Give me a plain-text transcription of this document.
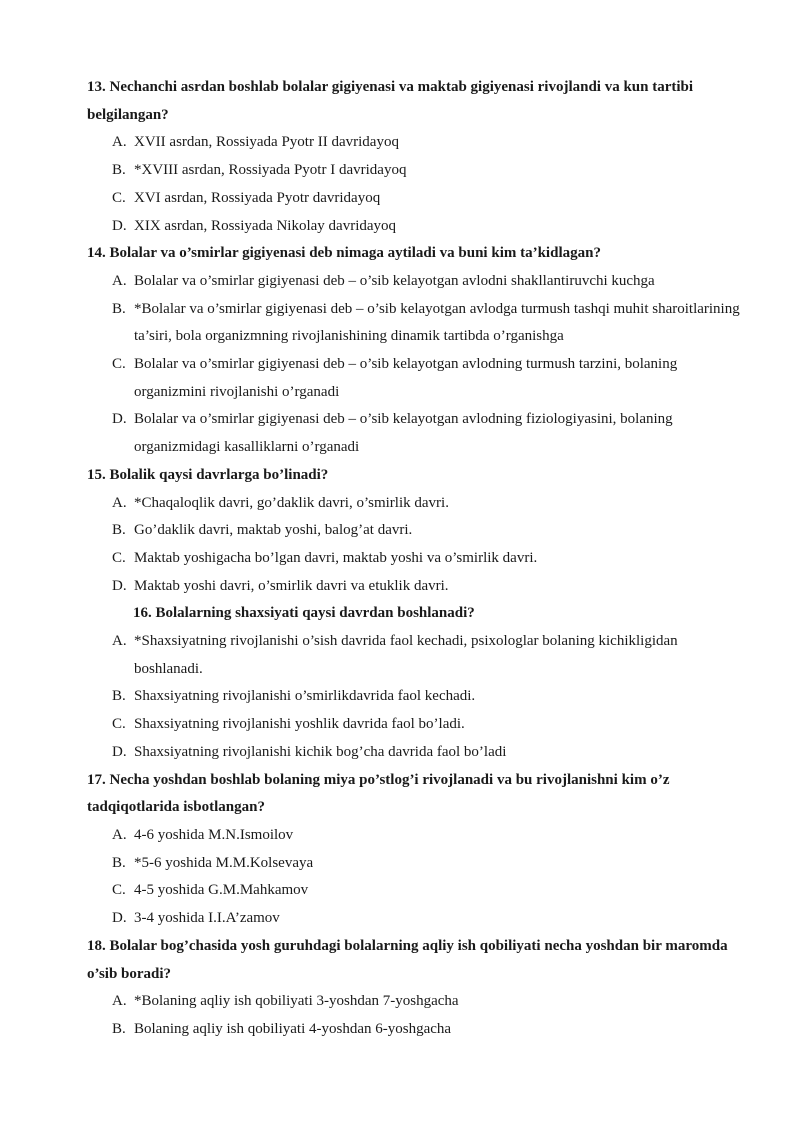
13. Nechanchi asrdan boshlab bolalar gigiyenasi va maktab gigiyenasi rivojlandi va kun tartibi belgilangan?
A. XVII asrdan, Rossiyada Pyotr II davridayoq
B. *XVIII asrdan, Rossiyada Pyotr I davridayoq
C. XVI asrdan, Rossiyada Pyotr davridayoq
D. XIX asrdan, Rossiyada Nikolay davridayoq
14. Bolalar va o’smirlar gigiyenasi deb nimaga aytiladi va buni kim ta’kidlagan?
A. Bolalar va o’smirlar gigiyenasi deb – o’sib kelayotgan avlodni shakllantiruvchi kuchga
B. *Bolalar va o’smirlar gigiyenasi deb – o’sib kelayotgan avlodga turmush tashqi muhit sharoitlarining ta’siri, bola organizmning rivojlanishining dinamik tartibda o’rganishga
C. Bolalar va o’smirlar gigiyenasi deb – o’sib kelayotgan avlodning turmush tarzini, bolaning organizmini rivojlanishi o’rganadi
D. Bolalar va o’smirlar gigiyenasi deb – o’sib kelayotgan avlodning fiziologiyasini, bolaning organizmidagi kasalliklarni o’rganadi
15. Bolalik qaysi davrlarga bo’linadi?
A. *Chaqaloqlik davri, go’daklik davri, o’smirlik davri.
B. Go’daklik davri, maktab yoshi, balog’at davri.
C. Maktab yoshigacha bo’lgan davri, maktab yoshi va o’smirlik davri.
D. Maktab yoshi davri, o’smirlik davri va etuklik davri.
16. Bolalarning shaxsiyati qaysi davrdan boshlanadi?
A. *Shaxsiyatning rivojlanishi o’sish davrida faol kechadi, psixologlar bolaning kichikligidan boshlanadi.
B. Shaxsiyatning rivojlanishi o’smirlikdavrida faol kechadi.
C. Shaxsiyatning rivojlanishi yoshlik davrida faol bo’ladi.
D. Shaxsiyatning rivojlanishi kichik bog’cha davrida faol bo’ladi
17. Necha yoshdan boshlab bolaning miya po’stlog’i rivojlanadi va bu rivojlanishni kim o’z tadqiqotlarida isbotlangan?
A. 4-6 yoshida M.N.Ismoilov
B. *5-6 yoshida M.M.Kolsevaya
C. 4-5 yoshida G.M.Mahkamov
D. 3-4 yoshida I.I.A’zamov
18. Bolalar bog’chasida yosh guruhdagi bolalarning aqliy ish qobiliyati necha yoshdan bir maromda o’sib boradi?
A. *Bolaning aqliy ish qobiliyati 3-yoshdan 7-yoshgacha
B. Bolaning aqliy ish qobiliyati 4-yoshdan 6-yoshgacha
